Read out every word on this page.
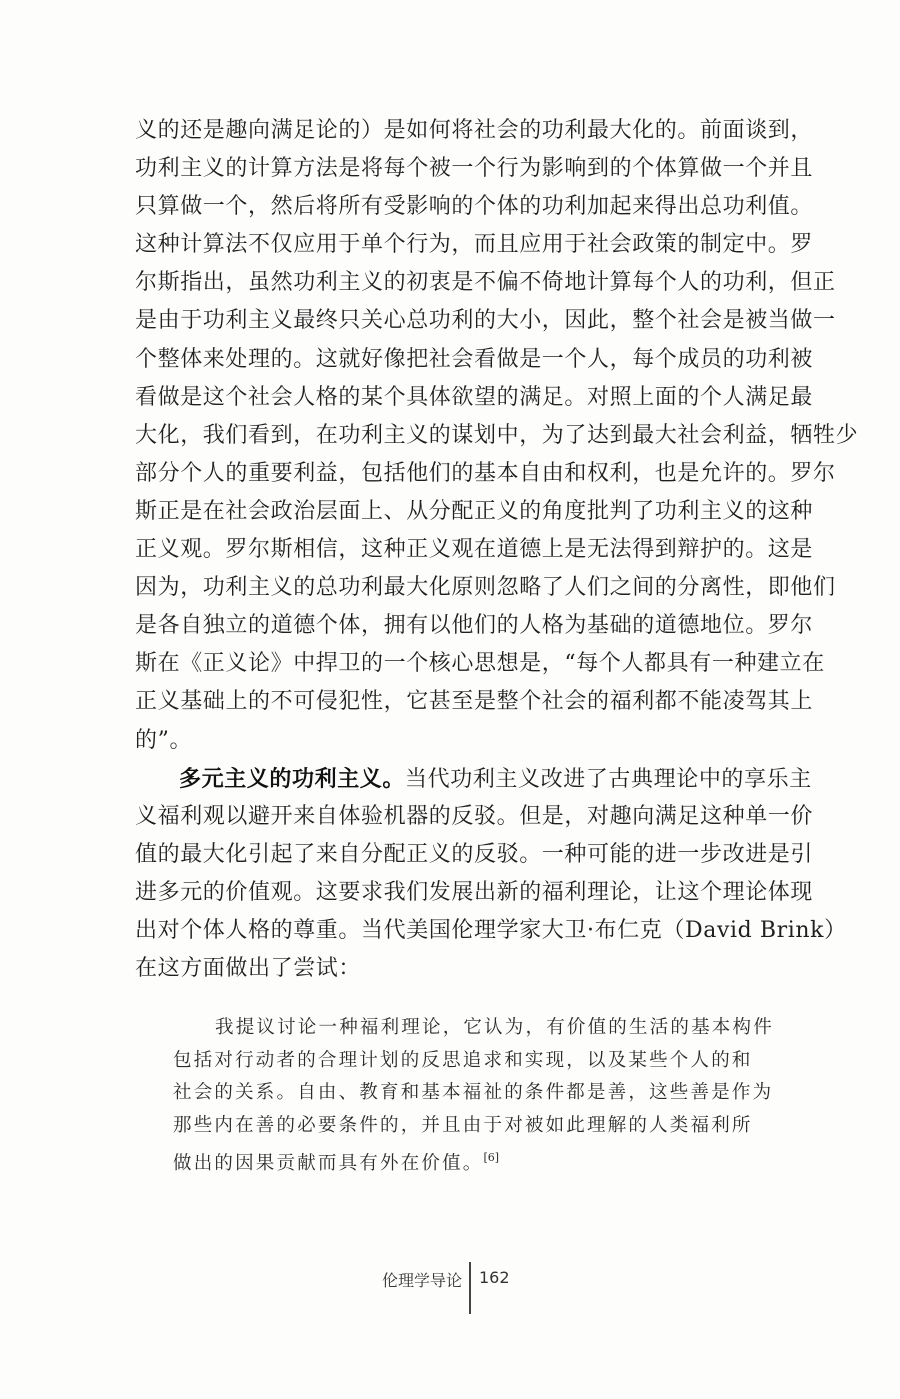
义的还是趣向满足论的）是如何将社会的功利最大化的。前面谈到，
功利主义的计算方法是将每个被一个行为影响到的个体算做一个并且
只算做一个，然后将所有受影响的个体的功利加起来得出总功利值。
这种计算法不仅应用于单个行为，而且应用于社会政策的制定中。罗
尔斯指出，虽然功利主义的初衷是不偏不倚地计算每个人的功利，但正
是由于功利主义最终只关心总功利的大小，因此，整个社会是被当做一
个整体来处理的。这就好像把社会看做是一个人，每个成员的功利被
看做是这个社会人格的某个具体欲望的满足。对照上面的个人满足最
大化，我们看到，在功利主义的谋划中，为了达到最大社会利益，牺牲少
部分个人的重要利益，包括他们的基本自由和权利，也是允许的。罗尔
斯正是在社会政治层面上、从分配正义的角度批判了功利主义的这种
正义观。罗尔斯相信，这种正义观在道德上是无法得到辩护的。这是
因为，功利主义的总功利最大化原则忽略了人们之间的分离性，即他们
是各自独立的道德个体，拥有以他们的人格为基础的道德地位。罗尔
斯在《正义论》中捍卫的一个核心思想是，“每个人都具有一种建立在
正义基础上的不可侵犯性，它甚至是整个社会的福利都不能凌驾其上
的”。
多元主义的功利主义。当代功利主义改进了古典理论中的享乐主
义福利观以避开来自体验机器的反驳。但是，对趣向满足这种单一价
值的最大化引起了来自分配正义的反驳。一种可能的进一步改进是引
进多元的价值观。这要求我们发展出新的福利理论，让这个理论体现
出对个体人格的尊重。当代美国伦理学家大卫·布仁克（David Brink）
在这方面做出了尝试：
我提议讨论一种福利理论，它认为，有价值的生活的基本构件
包括对行动者的合理计划的反思追求和实现，以及某些个人的和
社会的关系。自由、教育和基本福祉的条件都是善，这些善是作为
那些内在善的必要条件的，并且由于对被如此理解的人类福利所
做出的因果贡献而具有外在价值。[6]
伦理学导论 162
